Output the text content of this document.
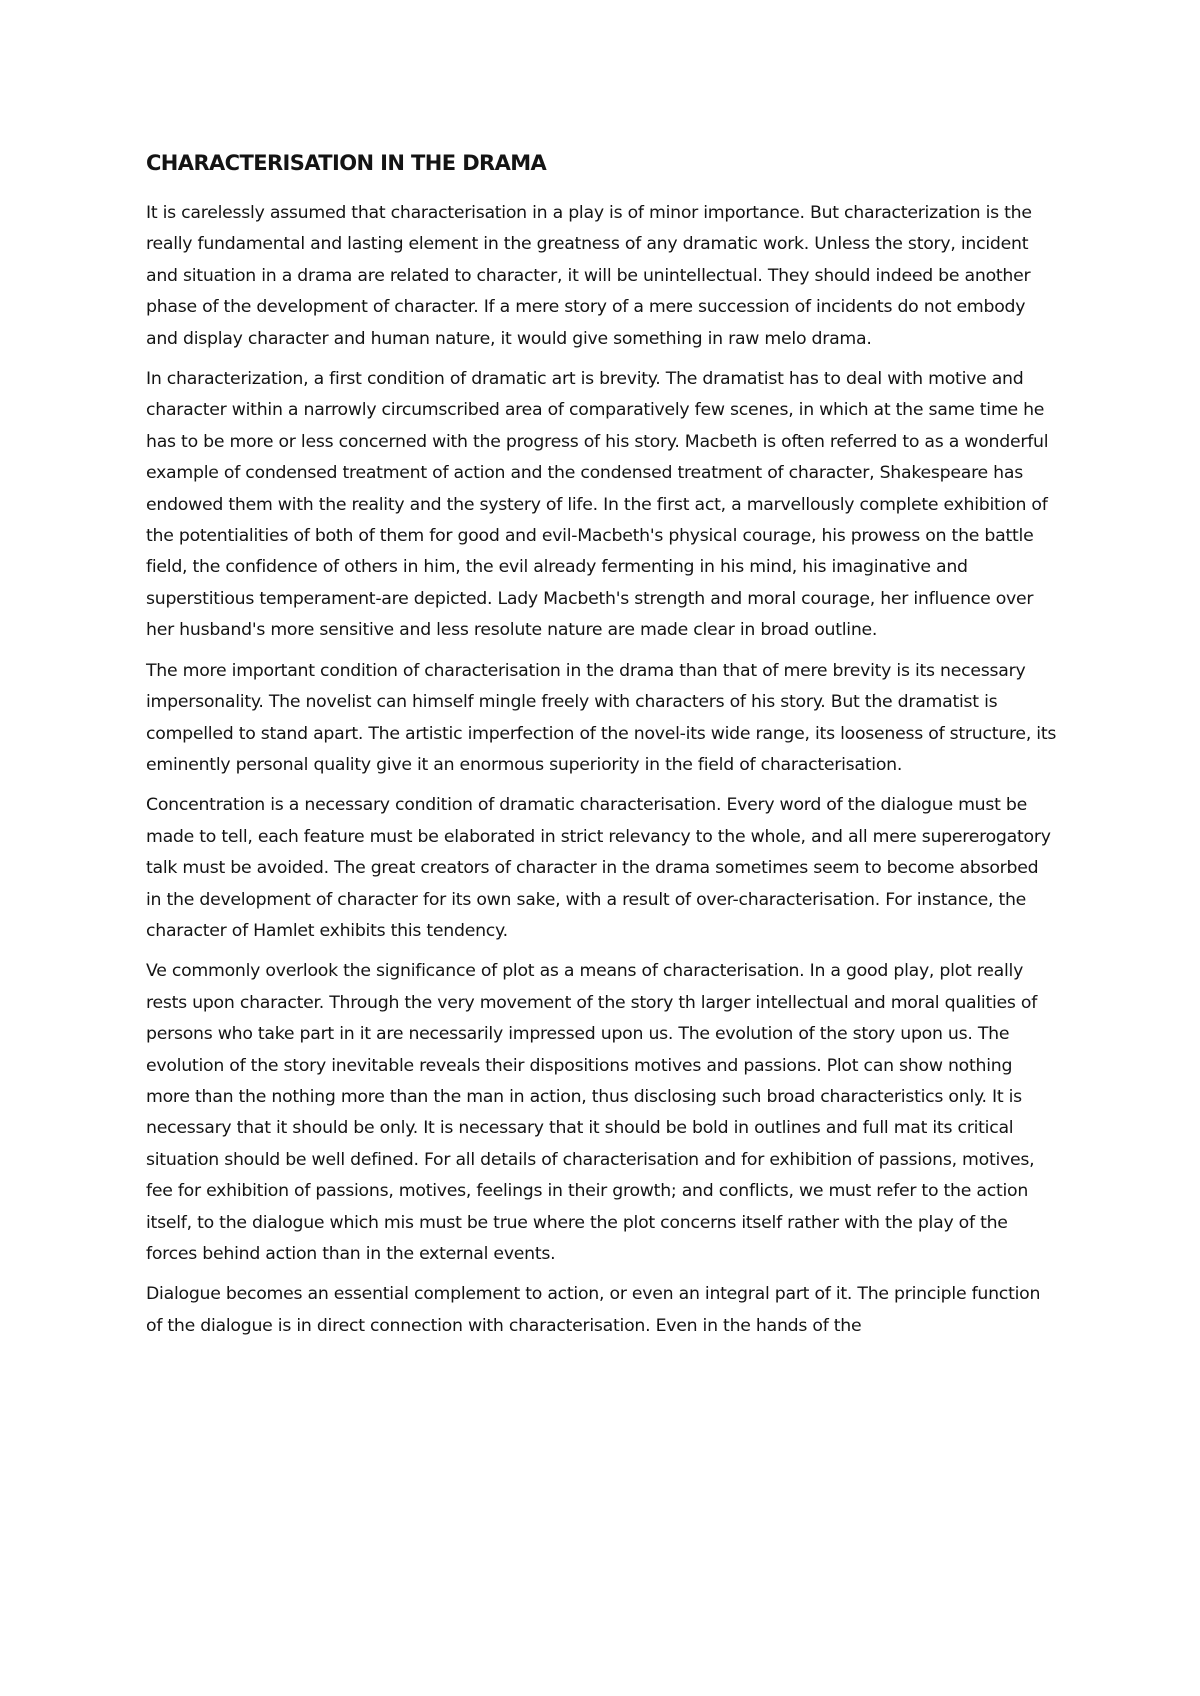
CHARACTERISATION IN THE DRAMA

It is carelessly assumed that characterisation in a play is of minor importance. But characterization is the really fundamental and lasting element in the greatness of any dramatic work. Unless the story, incident and situation in a drama are related to character, it will be unintellectual. They should indeed be another phase of the development of character. If a mere story of a mere succession of incidents do not embody and display character and human nature, it would give something in raw melo drama.

In characterization, a first condition of dramatic art is brevity. The dramatist has to deal with motive and character within a narrowly circumscribed area of comparatively few scenes, in which at the same time he has to be more or less concerned with the progress of his story. Macbeth is often referred to as a wonderful example of condensed treatment of action and the condensed treatment of character, Shakespeare has endowed them with the reality and the systery of life. In the first act, a marvellously complete exhibition of the potentialities of both of them for good and evil-Macbeth's physical courage, his prowess on the battle field, the confidence of others in him, the evil already fermenting in his mind, his imaginative and superstitious temperament-are depicted. Lady Macbeth's strength and moral courage, her influence over her husband's more sensitive and less resolute nature are made clear in broad outline.

The more important condition of characterisation in the drama than that of mere brevity is its necessary impersonality. The novelist can himself mingle freely with characters of his story. But the dramatist is compelled to stand apart. The artistic imperfection of the novel-its wide range, its looseness of structure, its eminently personal quality give it an enormous superiority in the field of characterisation.

Concentration is a necessary condition of dramatic characterisation. Every word of the dialogue must be made to tell, each feature must be elaborated in strict relevancy to the whole, and all mere supererogatory talk must be avoided. The great creators of character in the drama sometimes seem to become absorbed in the development of character for its own sake, with a result of over-characterisation. For instance, the character of Hamlet exhibits this tendency.

Ve commonly overlook the significance of plot as a means of characterisation. In a good play, plot really rests upon character. Through the very movement of the story th larger intellectual and moral qualities of persons who take part in it are necessarily impressed upon us. The evolution of the story upon us. The evolution of the story inevitable reveals their dispositions motives and passions. Plot can show nothing more than the nothing more than the man in action, thus disclosing such broad characteristics only. It is necessary that it should be only. It is necessary that it should be bold in outlines and full mat its critical situation should be well defined. For all details of characterisation and for exhibition of passions, motives, fee for exhibition of passions, motives, feelings in their growth; and conflicts, we must refer to the action itself, to the dialogue which mis must be true where the plot concerns itself rather with the play of the forces behind action than in the external events.

Dialogue becomes an essential complement to action, or even an integral part of it. The principle function of the dialogue is in direct connection with characterisation. Even in the hands of the
